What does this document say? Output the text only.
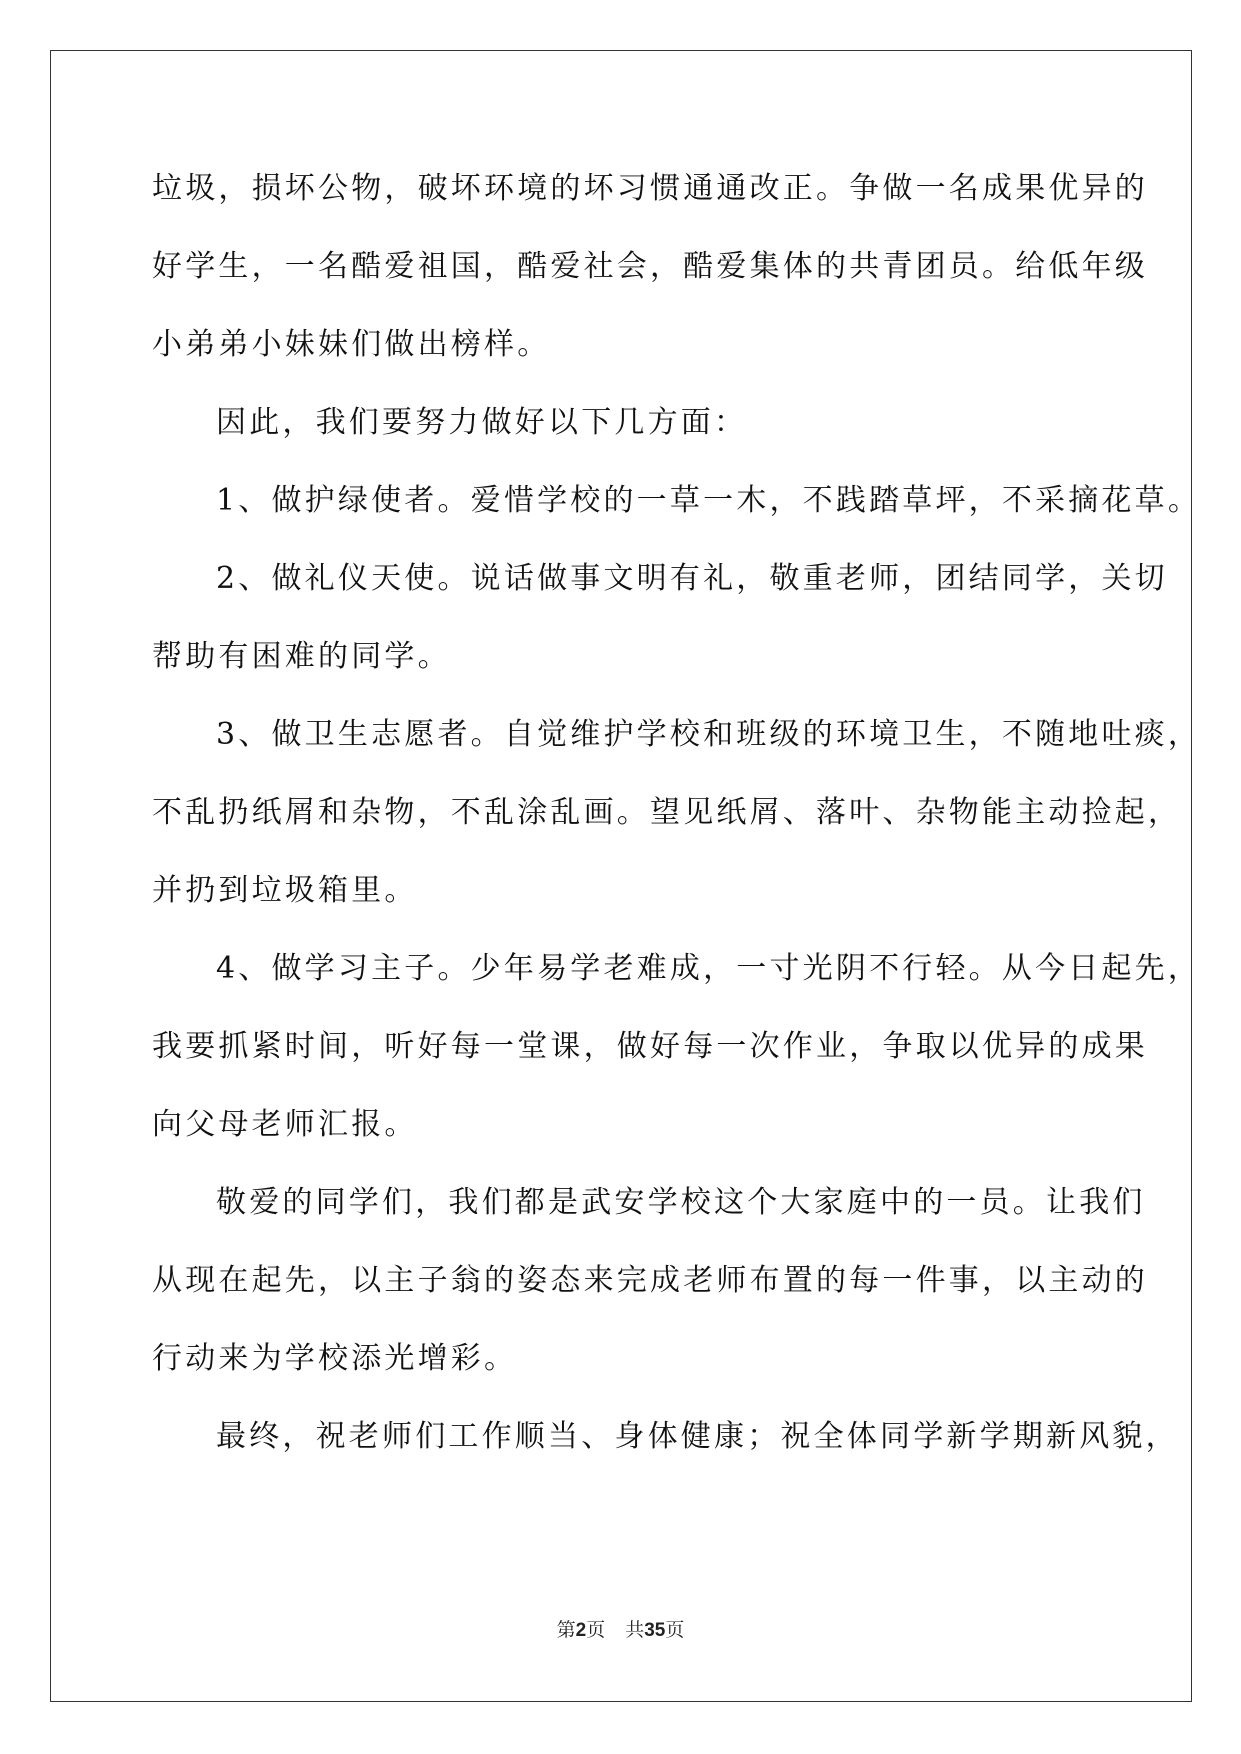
垃圾，损坏公物，破坏环境的坏习惯通通改正。争做一名成果优异的
好学生，一名酷爱祖国，酷爱社会，酷爱集体的共青团员。给低年级
小弟弟小妹妹们做出榜样。
因此，我们要努力做好以下几方面：
1、做护绿使者。爱惜学校的一草一木，不践踏草坪，不采摘花草。
2、做礼仪天使。说话做事文明有礼，敬重老师，团结同学，关切
帮助有困难的同学。
3、做卫生志愿者。自觉维护学校和班级的环境卫生，不随地吐痰，
不乱扔纸屑和杂物，不乱涂乱画。望见纸屑、落叶、杂物能主动捡起，
并扔到垃圾箱里。
4、做学习主子。少年易学老难成，一寸光阴不行轻。从今日起先，
我要抓紧时间，听好每一堂课，做好每一次作业，争取以优异的成果
向父母老师汇报。
敬爱的同学们，我们都是武安学校这个大家庭中的一员。让我们
从现在起先，以主子翁的姿态来完成老师布置的每一件事，以主动的
行动来为学校添光增彩。
最终，祝老师们工作顺当、身体健康；祝全体同学新学期新风貌，
第2页 共35页
